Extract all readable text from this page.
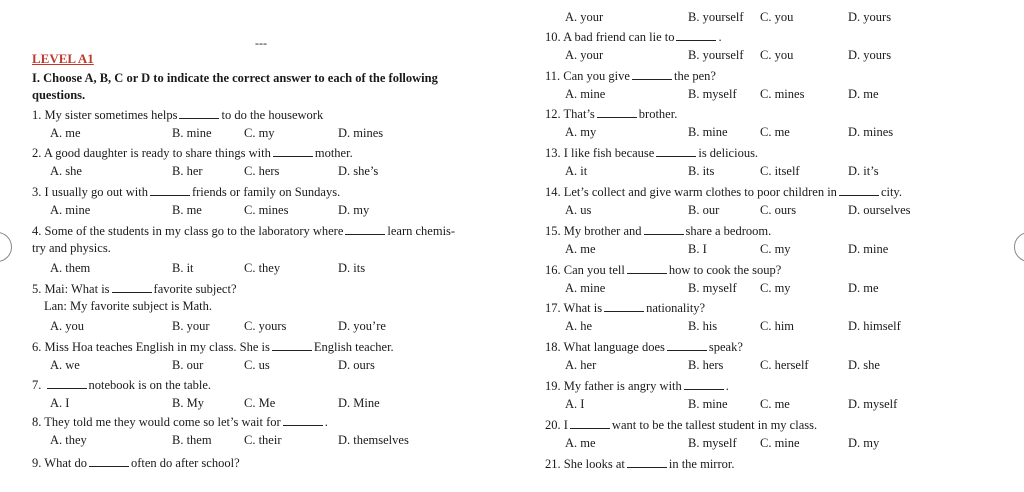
---
LEVEL A1
I. Choose A, B, C or D to indicate the correct answer to each of the following questions.
A. your	B. yourself C. you	D. yours
1. My sister sometimes helps	to do the housework
A. me	B. mine	C. my	D. mines
2. A good daughter is ready to share things with	mother.
A. she	B. her	C. hers	D. she’s
3. I usually go out with	friends or family on Sundays.
A. mine	B. me	C. mines	D. my
4. Some of the students in my class go to the laboratory where	learn chemis-
try and physics.
A. them	B. it	C. they	D. its
5. Mai: What is	favorite subject?
Lan: My favorite subject is Math.
A. you	B. your	C. yours	D. you’re
6. Miss Hoa teaches English in my class. She is	English teacher.
A. we	B. our	C. us	D. ours
7.	notebook is on the table.
A. I	B. My	C. Me	D. Mine
8. They told me they would come so let’s wait for	.
A. they	B. them	C. their	D. themselves
9. What do	often do after school?
10. A bad friend can lie to	.
A. your	B. yourself C. you	D. yours
11. Can you give	the pen?
A. mine	B. myself C. mines	D. me
12. That’s	brother.
A. my	B. mine	C. me	D. mines
13. I like fish because	is delicious.
A. it	B. its	C. itself	D. it’s
14. Let’s collect and give warm clothes to poor children in	city.
A. us	B. our	C. ours	D. ourselves
15. My brother and	share a bedroom.
A. me	B. I	C. my	D. mine
16. Can you tell	how to cook the soup?
A. mine	B. myself C. my	D. me
17. What is	nationality?
A. he	B. his	C. him	D. himself
18. What language does	speak?
A. her	B. hers	C. herself	D. she
19. My father is angry with	.
A. I	B. mine	C. me	D. myself
20. I	want to be the tallest student in my class.
A. me	B. myself C. mine	D. my
21. She looks at	in the mirror.
